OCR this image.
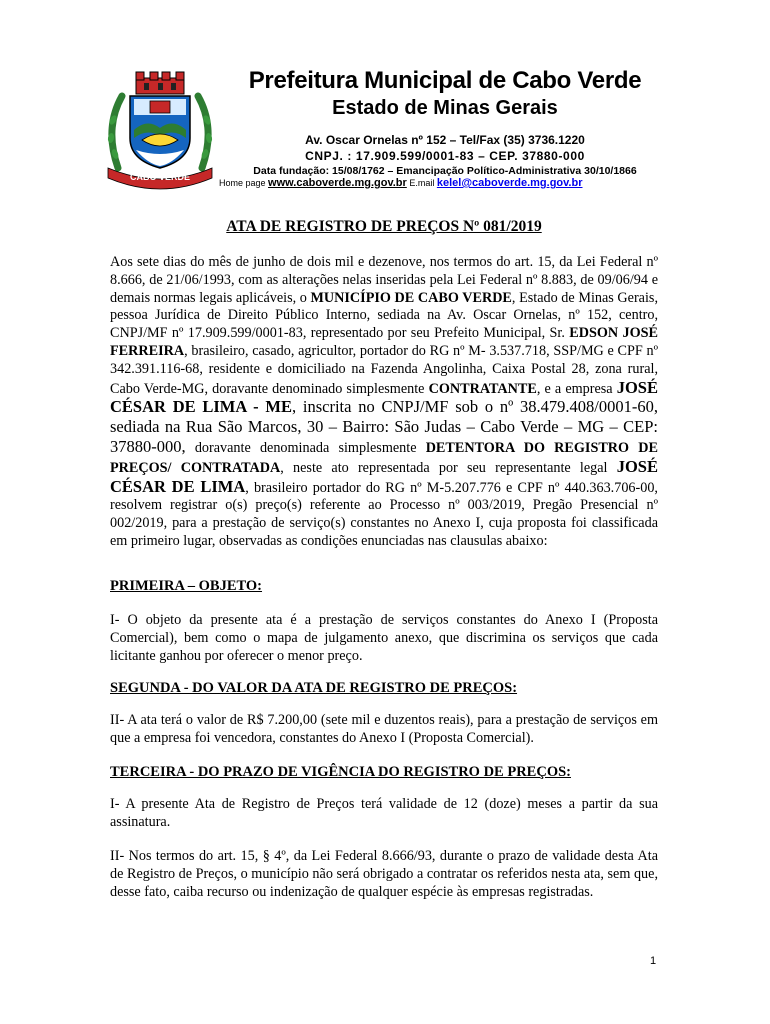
CABO VERDE
Prefeitura Municipal de Cabo Verde
Estado de Minas Gerais
Av. Oscar Ornelas nº 152 – Tel/Fax (35) 3736.1220
CNPJ. : 17.909.599/0001-83 – CEP. 37880-000
Data fundação: 15/08/1762 – Emancipação Político-Administrativa 30/10/1866
Home page www.caboverde.mg.gov.br E.mail kelel@caboverde.mg.gov.br
ATA DE REGISTRO DE PREÇOS Nº 081/2019

Aos sete dias do mês de junho de dois mil e dezenove, nos termos do art. 15, da Lei Federal nº 8.666, de 21/06/1993, com as alterações nelas inseridas pela Lei Federal nº 8.883, de 09/06/94 e demais normas legais aplicáveis, o MUNICÍPIO DE CABO VERDE, Estado de Minas Gerais, pessoa Jurídica de Direito Público Interno, sediada na Av. Oscar Ornelas, nº 152, centro, CNPJ/MF nº 17.909.599/0001-83, representado por seu Prefeito Municipal, Sr. EDSON JOSÉ FERREIRA, brasileiro, casado, agricultor, portador do RG nº M- 3.537.718, SSP/MG e CPF nº 342.391.116-68, residente e domiciliado na Fazenda Angolinha, Caixa Postal 28, zona rural, Cabo Verde-MG, doravante denominado simplesmente CONTRATANTE, e a empresa JOSÉ CÉSAR DE LIMA - ME, inscrita no CNPJ/MF sob o nº 38.479.408/0001-60, sediada na Rua São Marcos, 30 – Bairro: São Judas – Cabo Verde – MG – CEP: 37880-000, doravante denominada simplesmente DETENTORA DO REGISTRO DE PREÇOS/ CONTRATADA, neste ato representada por seu representante legal JOSÉ CÉSAR DE LIMA, brasileiro portador do RG nº M-5.207.776 e CPF nº 440.363.706-00, resolvem registrar o(s) preço(s) referente ao Processo nº 003/2019, Pregão Presencial nº 002/2019, para a prestação de serviço(s) constantes no Anexo I, cuja proposta foi classificada em primeiro lugar, observadas as condições enunciadas nas clausulas abaixo:

PRIMEIRA – OBJETO:

I- O objeto da presente ata é a prestação de serviços constantes do Anexo I (Proposta Comercial), bem como o mapa de julgamento anexo, que discrimina os serviços que cada licitante ganhou por oferecer o menor preço.

SEGUNDA - DO VALOR DA ATA DE REGISTRO DE PREÇOS:

II- A ata terá o valor de R$ 7.200,00 (sete mil e duzentos reais), para a prestação de serviços em que a empresa foi vencedora, constantes do Anexo I (Proposta Comercial).

TERCEIRA - DO PRAZO DE VIGÊNCIA DO REGISTRO DE PREÇOS:

I- A presente Ata de Registro de Preços terá validade de 12 (doze) meses a partir da sua assinatura.

II- Nos termos do art. 15, § 4º, da Lei Federal 8.666/93, durante o prazo de validade desta Ata de Registro de Preços, o município não será obrigado a contratar os referidos nesta ata, sem que, desse fato, caiba recurso ou indenização de qualquer espécie às empresas registradas.

1
